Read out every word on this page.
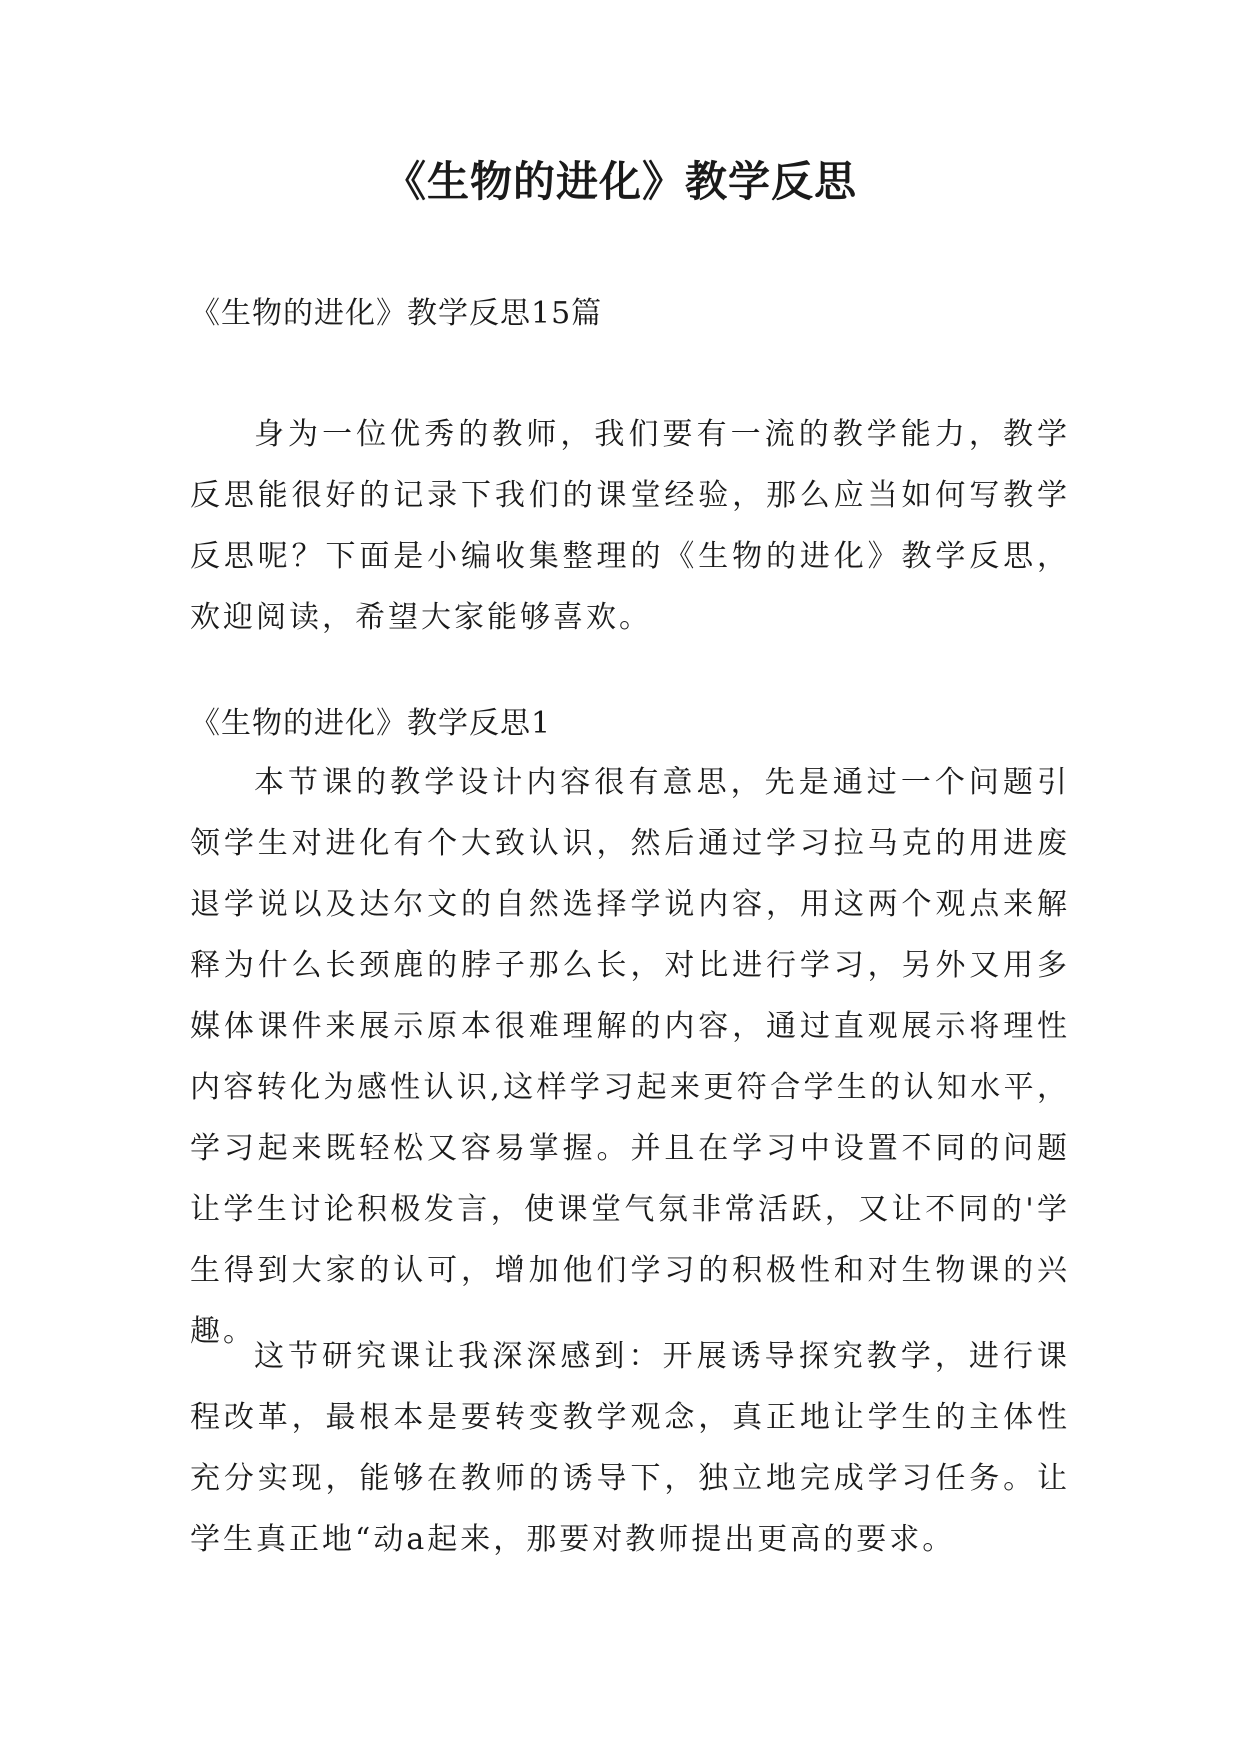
《生物的进化》教学反思

《生物的进化》教学反思15篇

身为一位优秀的教师，我们要有一流的教学能力，教学反思能很好的记录下我们的课堂经验，那么应当如何写教学反思呢？下面是小编收集整理的《生物的进化》教学反思，欢迎阅读，希望大家能够喜欢。

《生物的进化》教学反思1

本节课的教学设计内容很有意思，先是通过一个问题引领学生对进化有个大致认识，然后通过学习拉马克的用进废退学说以及达尔文的自然选择学说内容，用这两个观点来解释为什么长颈鹿的脖子那么长，对比进行学习，另外又用多媒体课件来展示原本很难理解的内容，通过直观展示将理性内容转化为感性认识,这样学习起来更符合学生的认知水平，学习起来既轻松又容易掌握。并且在学习中设置不同的问题让学生讨论积极发言，使课堂气氛非常活跃，又让不同的'学生得到大家的认可，增加他们学习的积极性和对生物课的兴趣。

这节研究课让我深深感到：开展诱导探究教学，进行课程改革，最根本是要转变教学观念，真正地让学生的主体性充分实现，能够在教师的诱导下，独立地完成学习任务。让学生真正地“动a起来，那要对教师提出更高的要求。
